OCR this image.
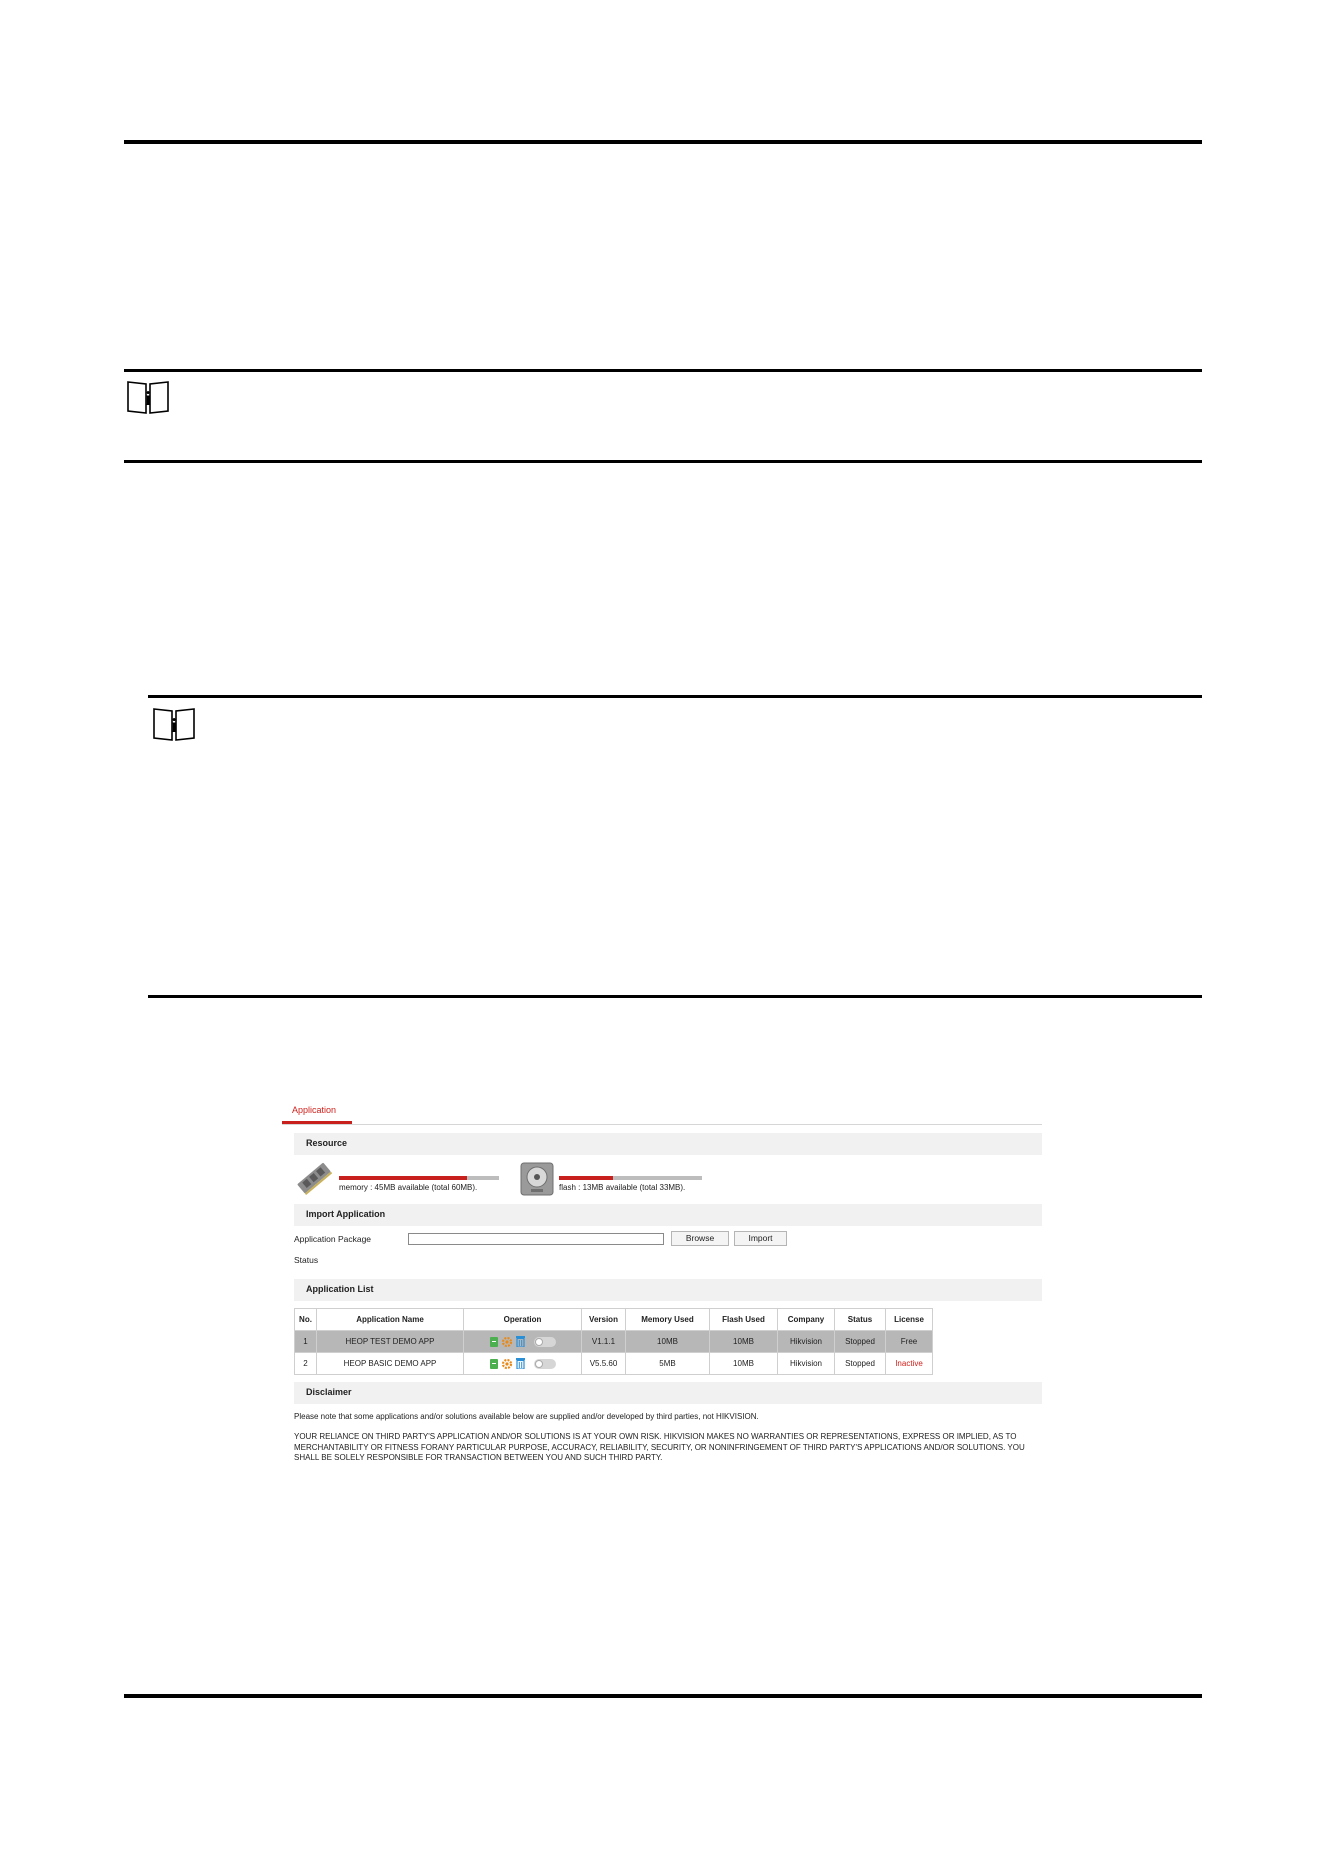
i
i
Application
Resource
memory : 45MB available (total 60MB).	flash : 13MB available (total 33MB).
Import Application
Application Package	Browse	Import
Status
Application List
No.	Application Name	Operation	Version	Memory Used	Flash Used	Company	Status	License
1	HEOP TEST DEMO APP		V1.1.1	10MB	10MB	Hikvision	Stopped	Free
2	HEOP BASIC DEMO APP		V5.5.60	5MB	10MB	Hikvision	Stopped	Inactive
Disclaimer
Please note that some applications and/or solutions available below are supplied and/or developed by third parties, not HIKVISION.
YOUR RELIANCE ON THIRD PARTY'S APPLICATION AND/OR SOLUTIONS IS AT YOUR OWN RISK. HIKVISION MAKES NO WARRANTIES OR REPRESENTATIONS, EXPRESS OR IMPLIED, AS TO MERCHANTABILITY OR FITNESS FORANY PARTICULAR PURPOSE, ACCURACY, RELIABILITY, SECURITY, OR NONINFRINGEMENT OF THIRD PARTY'S APPLICATIONS AND/OR SOLUTIONS. YOU SHALL BE SOLELY RESPONSIBLE FOR TRANSACTION BETWEEN YOU AND SUCH THIRD PARTY.
